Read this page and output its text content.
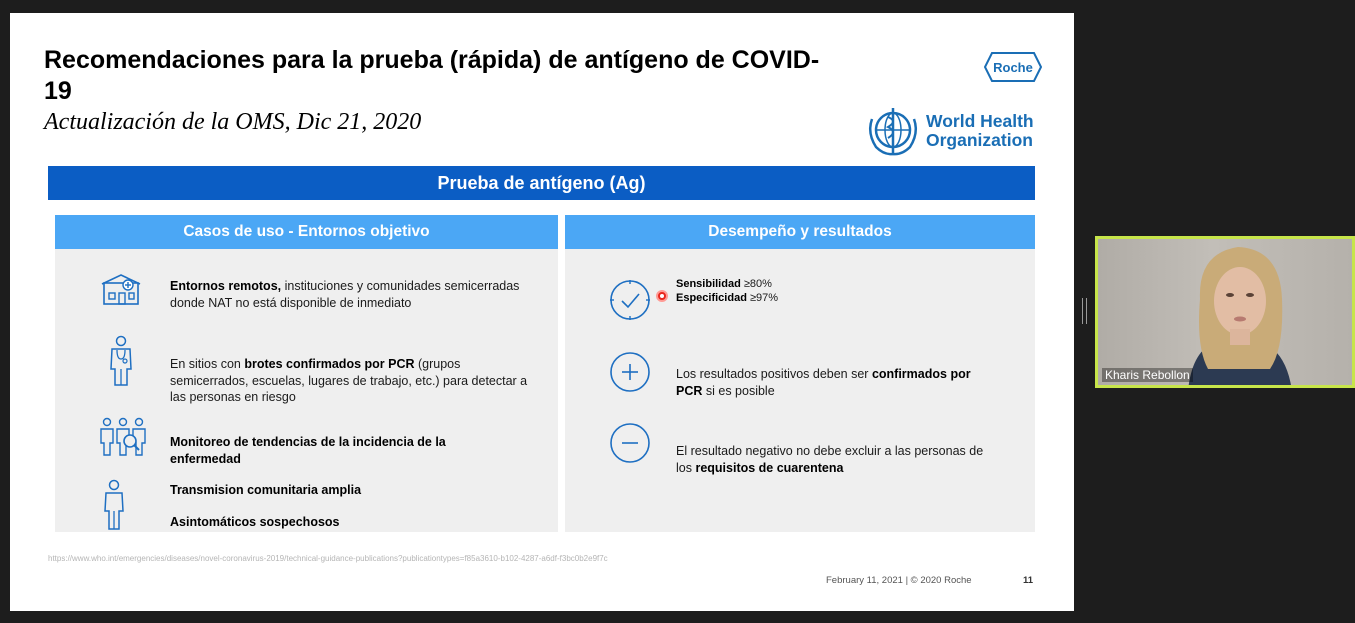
Recomendaciones para la prueba (rápida) de antígeno de COVID-19
Actualización de la OMS, Dic 21, 2020
Roche
World Health
Organization
Prueba de antígeno (Ag)
Casos de uso - Entornos objetivo
Entornos remotos, instituciones y comunidades semicerradas donde NAT no está disponible de inmediato
En sitios con brotes confirmados por PCR (grupos semicerrados, escuelas, lugares de trabajo, etc.) para detectar a las personas en riesgo
Monitoreo de tendencias de la incidencia de la enfermedad
Transmision comunitaria amplia
Asintomáticos sospechosos
Desempeño y resultados
Sensibilidad ≥80%
Especificidad ≥97%
Los resultados positivos deben ser confirmados por PCR si es posible
El resultado negativo no debe excluir a las personas de los requisitos de cuarentena
https://www.who.int/emergencies/diseases/novel-coronavirus-2019/technical-guidance-publications?publicationtypes=f85a3610-b102-4287-a6df-f3bc0b2e9f7c
February 11, 2021 | © 2020 Roche	11
Kharis Rebollon
